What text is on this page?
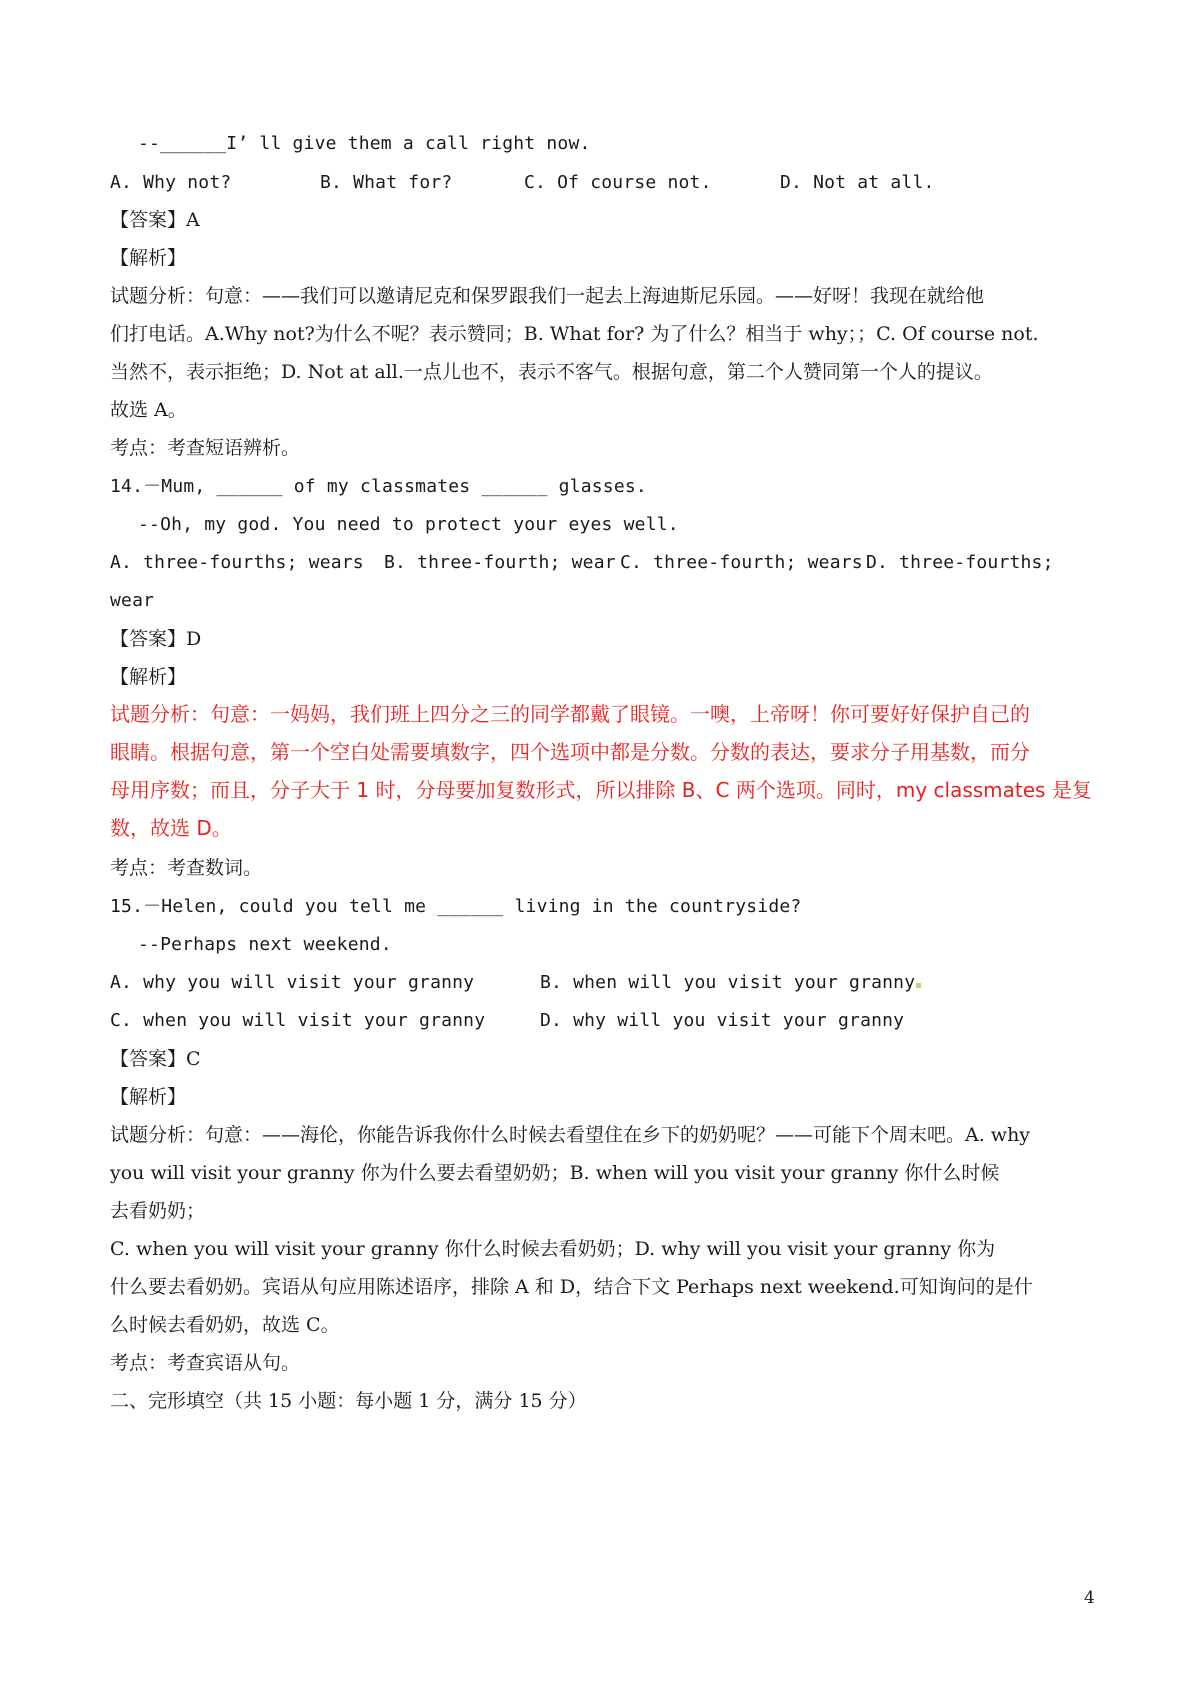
--______I’ ll give them a call right now.
A. Why not?	B. What for?	C. Of course not.	D. Not at all.
【答案】A
【解析】
试题分析：句意：——我们可以邀请尼克和保罗跟我们一起去上海迪斯尼乐园。——好呀！我现在就给他
们打电话。A.Why not?为什么不呢？表示赞同；B. What for? 为了什么？相当于 why；；C. Of course not.
当然不，表示拒绝；D. Not at all.一点儿也不，表示不客气。根据句意，第二个人赞同第一个人的提议。
故选 A。
考点：考查短语辨析。
14.－Mum, ______ of my classmates ______ glasses.
--Oh, my god. You need to protect your eyes well.
A. three-fourths; wears B. three-fourth; wear C. three-fourth; wears D. three-fourths;
wear
【答案】D
【解析】
试题分析：句意：一妈妈，我们班上四分之三的同学都戴了眼镜。一噢，上帝呀！你可要好好保护自己的
眼睛。根据句意，第一个空白处需要填数字，四个选项中都是分数。分数的表达，要求分子用基数，而分
母用序数；而且，分子大于 1 时，分母要加复数形式，所以排除 B、C 两个选项。同时，my classmates 是复
数，故选 D。
考点：考查数词。
15.－Helen, could you tell me ______ living in the countryside?
--Perhaps next weekend.
A. why you will visit your granny	B. when will you visit your granny
C. when you will visit your granny	D. why will you visit your granny
【答案】C
【解析】
试题分析：句意：——海伦，你能告诉我你什么时候去看望住在乡下的奶奶呢？——可能下个周末吧。A. why
you will visit your granny 你为什么要去看望奶奶；B. when will you visit your granny 你什么时候
去看奶奶；
C. when you will visit your granny 你什么时候去看奶奶；D. why will you visit your granny 你为
什么要去看奶奶。宾语从句应用陈述语序，排除 A 和 D，结合下文 Perhaps next weekend.可知询问的是什
么时候去看奶奶，故选 C。
考点：考查宾语从句。
二、完形填空（共 15 小题：每小题 1 分，满分 15 分）
4
